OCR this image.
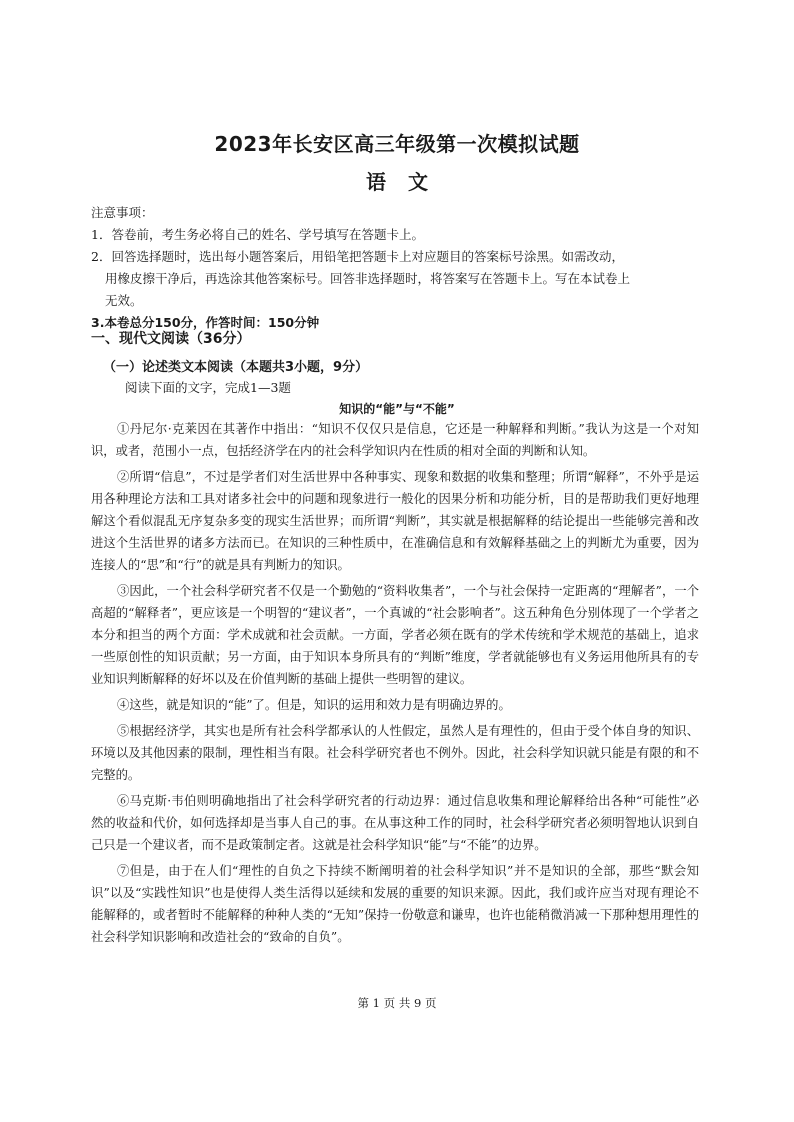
2023年长安区高三年级第一次模拟试题
语文
注意事项：
1．答卷前，考生务必将自己的姓名、学号填写在答题卡上。
2．回答选择题时，选出每小题答案后，用铅笔把答题卡上对应题目的答案标号涂黑。如需改动，
用橡皮擦干净后，再选涂其他答案标号。回答非选择题时，将答案写在答题卡上。写在本试卷上
无效。
3.本卷总分150分，作答时间：150分钟
一、现代文阅读（36分）
（一）论述类文本阅读（本题共3小题，9分）
阅读下面的文字，完成1—3题
知识的“能”与“不能”

①丹尼尔·克莱因在其著作中指出：“知识不仅仅只是信息，它还是一种解释和判断。”我认为这是一个对知识，或者，范围小一点，包括经济学在内的社会科学知识内在性质的相对全面的判断和认知。

②所谓“信息”，不过是学者们对生活世界中各种事实、现象和数据的收集和整理；所谓“解释”，不外乎是运用各种理论方法和工具对诸多社会中的问题和现象进行一般化的因果分析和功能分析，目的是帮助我们更好地理解这个看似混乱无序复杂多变的现实生活世界；而所谓“判断”，其实就是根据解释的结论提出一些能够完善和改进这个生活世界的诸多方法而已。在知识的三种性质中，在准确信息和有效解释基础之上的判断尤为重要，因为连接人的“思”和“行”的就是具有判断力的知识。

③因此，一个社会科学研究者不仅是一个勤勉的“资料收集者”，一个与社会保持一定距离的“理解者”，一个高超的“解释者”，更应该是一个明智的“建议者”，一个真诚的“社会影响者”。这五种角色分别体现了一个学者之本分和担当的两个方面：学术成就和社会贡献。一方面，学者必须在既有的学术传统和学术规范的基础上，追求一些原创性的知识贡献；另一方面，由于知识本身所具有的“判断”维度，学者就能够也有义务运用他所具有的专业知识判断解释的好坏以及在价值判断的基础上提供一些明智的建议。

④这些，就是知识的“能”了。但是，知识的运用和效力是有明确边界的。

⑤根据经济学，其实也是所有社会科学都承认的人性假定，虽然人是有理性的，但由于受个体自身的知识、环境以及其他因素的限制，理性相当有限。社会科学研究者也不例外。因此，社会科学知识就只能是有限的和不完整的。

⑥马克斯·韦伯则明确地指出了社会科学研究者的行动边界：通过信息收集和理论解释给出各种“可能性”必然的收益和代价，如何选择却是当事人自己的事。在从事这种工作的同时，社会科学研究者必须明智地认识到自己只是一个建议者，而不是政策制定者。这就是社会科学知识“能”与“不能”的边界。

⑦但是，由于在人们“理性的自负之下持续不断阐明着的社会科学知识”并不是知识的全部，那些“默会知识”以及“实践性知识”也是使得人类生活得以延续和发展的重要的知识来源。因此，我们或许应当对现有理论不能解释的，或者暂时不能解释的种种人类的“无知”保持一份敬意和谦卑，也许也能稍微消减一下那种想用理性的社会科学知识影响和改造社会的“致命的自负”。

第 1 页 共 9 页
